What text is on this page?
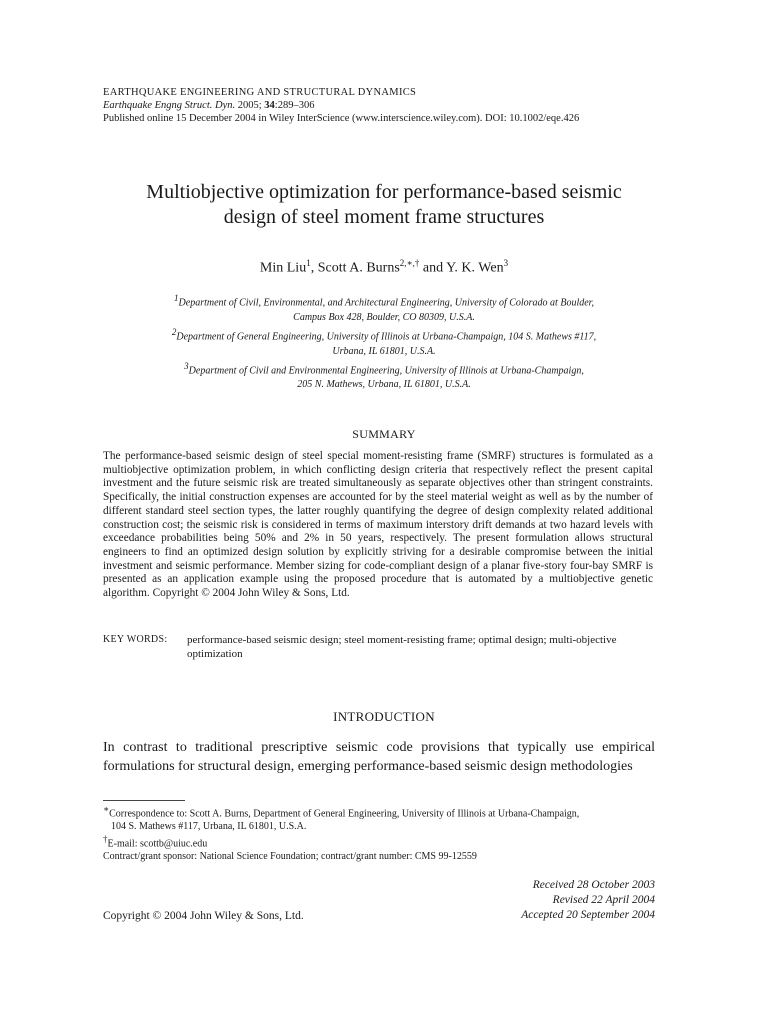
EARTHQUAKE ENGINEERING AND STRUCTURAL DYNAMICS
Earthquake Engng Struct. Dyn. 2005; 34:289–306
Published online 15 December 2004 in Wiley InterScience (www.interscience.wiley.com). DOI: 10.1002/eqe.426
Multiobjective optimization for performance-based seismic
design of steel moment frame structures
Min Liu$^1$, Scott A. Burns$^{2,∗,\dagger}$ and Y. K. Wen$^3$
$^1$Department of Civil, Environmental, and Architectural Engineering, University of Colorado at Boulder,
Campus Box 428, Boulder, CO 80309, U.S.A.
$^2$Department of General Engineering, University of Illinois at Urbana-Champaign, 104 S. Mathews #117,
Urbana, IL 61801, U.S.A.
$^3$Department of Civil and Environmental Engineering, University of Illinois at Urbana-Champaign,
205 N. Mathews, Urbana, IL 61801, U.S.A.
SUMMARY
The performance-based seismic design of steel special moment-resisting frame (SMRF) structures is formulated as a multiobjective optimization problem, in which conflicting design criteria that respectively reflect the present capital investment and the future seismic risk are treated simultaneously as separate objectives other than stringent constraints. Specifically, the initial construction expenses are accounted for by the steel material weight as well as by the number of different standard steel section types, the latter roughly quantifying the degree of design complexity related additional construction cost; the seismic risk is considered in terms of maximum interstory drift demands at two hazard levels with exceedance probabilities being 50% and 2% in 50 years, respectively. The present formulation allows structural engineers to find an optimized design solution by explicitly striving for a desirable compromise between the initial investment and seismic performance. Member sizing for code-compliant design of a planar five-story four-bay SMRF is presented as an application example using the proposed procedure that is automated by a multiobjective genetic algorithm. Copyright © 2004 John Wiley & Sons, Ltd.
KEY WORDS: performance-based seismic design; steel moment-resisting frame; optimal design; multi-objective optimization
INTRODUCTION
In contrast to traditional prescriptive seismic code provisions that typically use empirical formulations for structural design, emerging performance-based seismic design methodologies
∗Correspondence to: Scott A. Burns, Department of General Engineering, University of Illinois at Urbana-Champaign,
104 S. Mathews #117, Urbana, IL 61801, U.S.A.
†E-mail: scottb@uiuc.edu
Contract/grant sponsor: National Science Foundation; contract/grant number: CMS 99-12559
Received 28 October 2003
Revised 22 April 2004
Accepted 20 September 2004
Copyright © 2004 John Wiley & Sons, Ltd.
